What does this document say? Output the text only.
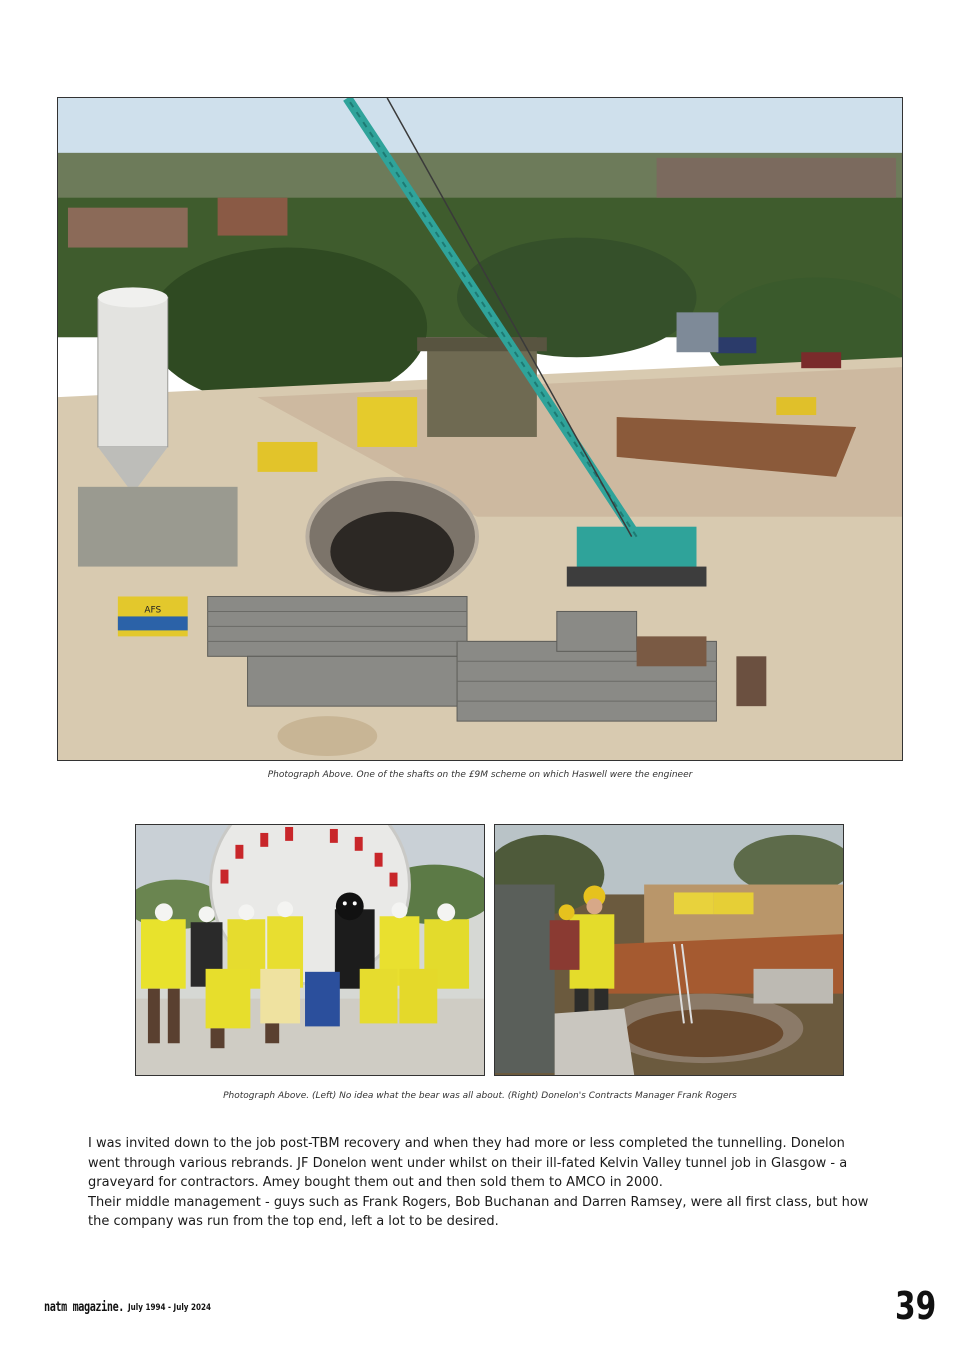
AFS
Photograph Above. One of the shafts on the £9M scheme on which Haswell were the engineer
Photograph Above. (Left) No idea what the bear was all about. (Right) Donelon's Contracts Manager Frank Rogers

I was invited down to the job post-TBM recovery and when they had more or less completed the tunnelling. Donelon went through various rebrands. JF Donelon went under whilst on their ill-fated Kelvin Valley tunnel job in Glasgow - a graveyard for contractors. Amey bought them out and then sold them to AMCO in 2000.

Their middle management - guys such as Frank Rogers, Bob Buchanan and Darren Ramsey, were all first class, but how the company was run from the top end, left a lot to be desired.

natm magazine. July 1994 - July 2024	39
